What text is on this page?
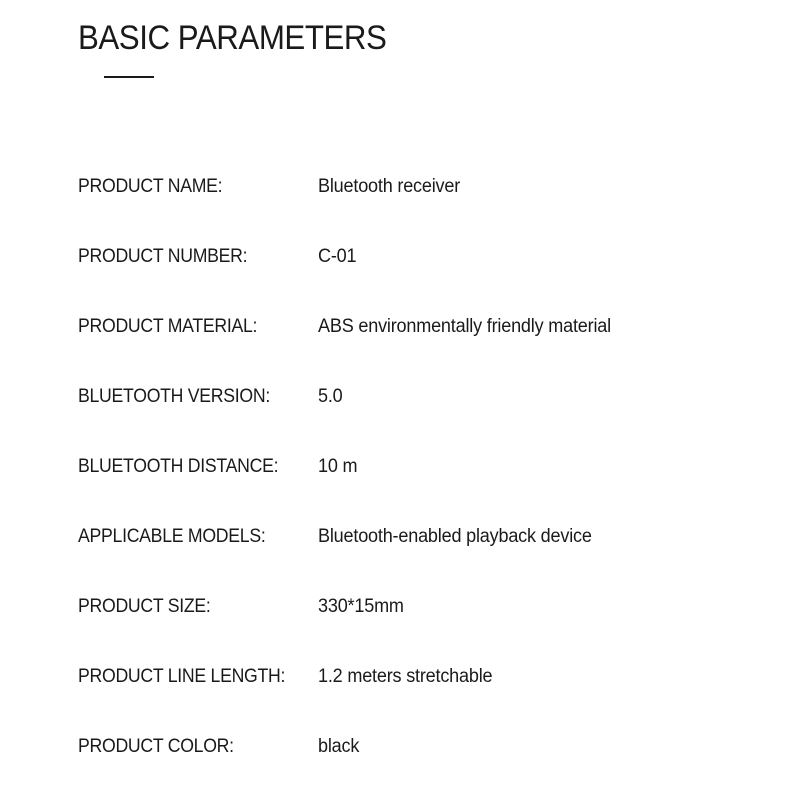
BASIC PARAMETERS
PRODUCT NAME:	Bluetooth receiver
PRODUCT NUMBER:	C-01
PRODUCT MATERIAL:	ABS environmentally friendly material
BLUETOOTH VERSION:	5.0
BLUETOOTH DISTANCE:	10 m
APPLICABLE MODELS:	Bluetooth-enabled playback device
PRODUCT SIZE:	330*15mm
PRODUCT LINE LENGTH:	1.2 meters stretchable
PRODUCT COLOR:	black
